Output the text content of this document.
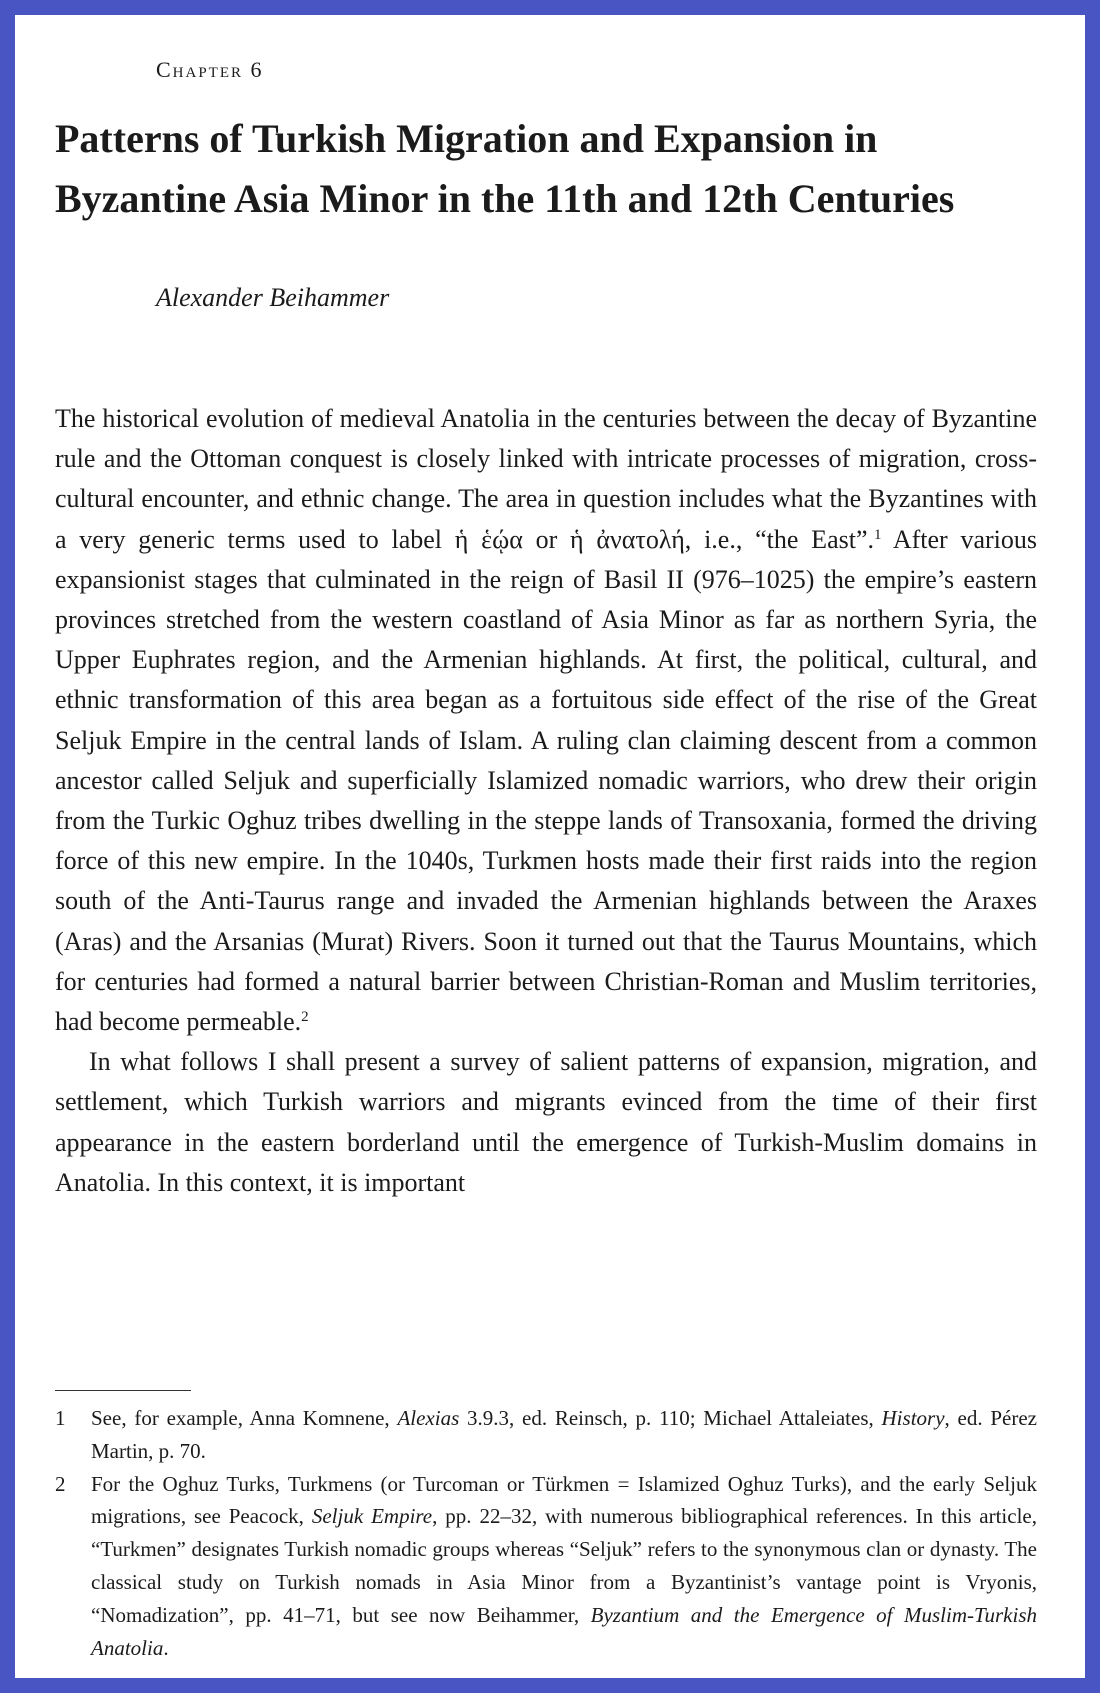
Chapter 6
Patterns of Turkish Migration and Expansion in Byzantine Asia Minor in the 11th and 12th Centuries
Alexander Beihammer

The historical evolution of medieval Anatolia in the centuries between the decay of Byzantine rule and the Ottoman conquest is closely linked with intricate processes of migration, cross-cultural encounter, and ethnic change. The area in question includes what the Byzantines with a very generic terms used to label ἡ ἑῴα or ἡ ἀνατολή, i.e., “the East”.$^1$ After various expansionist stages that culminated in the reign of Basil II (976–1025) the empire’s eastern provinces stretched from the western coastland of Asia Minor as far as northern Syria, the Upper Euphrates region, and the Armenian highlands. At first, the political, cultural, and ethnic transformation of this area began as a fortuitous side effect of the rise of the Great Seljuk Empire in the central lands of Islam. A ruling clan claiming descent from a common ancestor called Seljuk and superficially Islamized nomadic warriors, who drew their origin from the Turkic Oghuz tribes dwelling in the steppe lands of Transoxania, formed the driving force of this new empire. In the 1040s, Turkmen hosts made their first raids into the region south of the Anti-Taurus range and invaded the Armenian highlands between the Araxes (Aras) and the Arsanias (Murat) Rivers. Soon it turned out that the Taurus Mountains, which for centuries had formed a natural barrier between Christian-Roman and Muslim territories, had become permeable.$^2$

In what follows I shall present a survey of salient patterns of expansion, migration, and settlement, which Turkish warriors and migrants evinced from the time of their first appearance in the eastern borderland until the emergence of Turkish-Muslim domains in Anatolia. In this context, it is important

1	See, for example, Anna Komnene, Alexias 3.9.3, ed. Reinsch, p. 110; Michael Attaleiates, History, ed. Pérez Martin, p. 70.
2	For the Oghuz Turks, Turkmens (or Turcoman or Türkmen = Islamized Oghuz Turks), and the early Seljuk migrations, see Peacock, Seljuk Empire, pp. 22–32, with numerous bibliographical references. In this article, “Turkmen” designates Turkish nomadic groups whereas “Seljuk” refers to the synonymous clan or dynasty. The classical study on Turkish nomads in Asia Minor from a Byzantinist’s vantage point is Vryonis, “Nomadization”, pp. 41–71, but see now Beihammer, Byzantium and the Emergence of Muslim-Turkish Anatolia.
